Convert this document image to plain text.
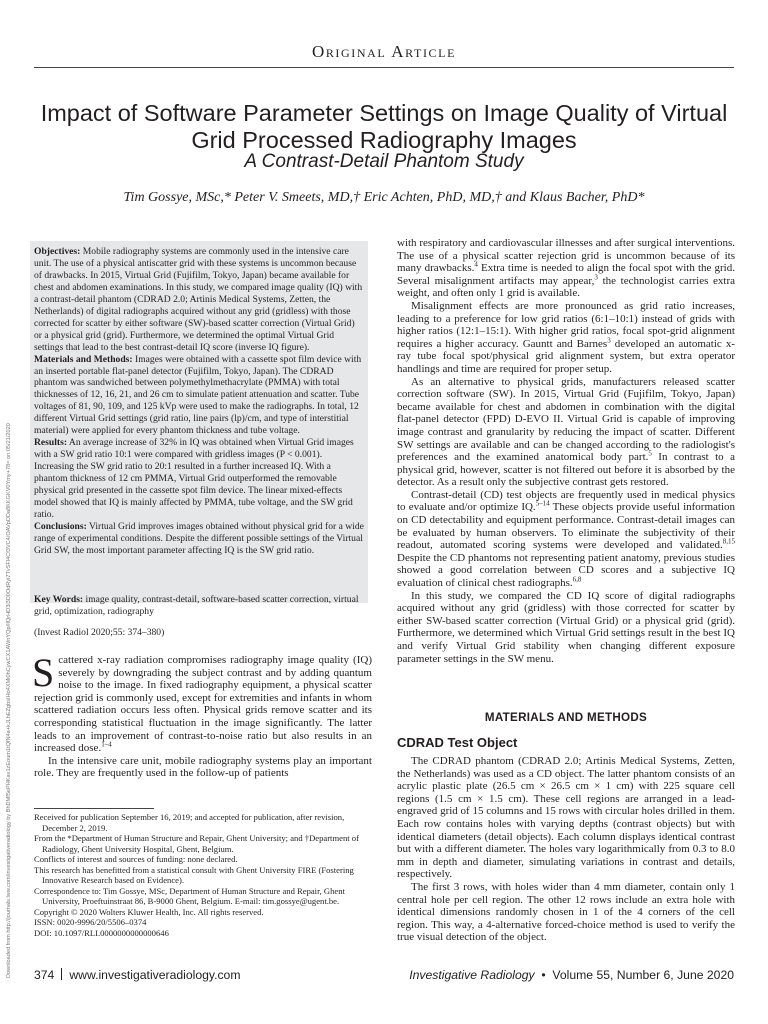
Original Article
Impact of Software Parameter Settings on Image Quality of Virtual Grid Processed Radiography Images
A Contrast-Detail Phantom Study
Tim Gossye, MSc,* Peter V. Smeets, MD,† Eric Achten, PhD, MD,† and Klaus Bacher, PhD*
Downloaded from http://journals.lww.com/investigativeradiology by BhDMf5ePHKav1zEoum1tQfN4a+kJLhEZgbsIHo4XMi0hCywCX1AWnYQp/IlQrHD3i3D0OdRyi7TvSFl4Cf3VC4/OAVpDDa8KKGKV0Ymy+78= on 05/21/2020

Objectives: Mobile radiography systems are commonly used in the intensive care unit. The use of a physical antiscatter grid with these systems is uncommon because of drawbacks. In 2015, Virtual Grid (Fujifilm, Tokyo, Japan) became available for chest and abdomen examinations. In this study, we compared image quality (IQ) with a contrast-detail phantom (CDRAD 2.0; Artinis Medical Systems, Zetten, the Netherlands) of digital radiographs acquired without any grid (gridless) with those corrected for scatter by either software (SW)-based scatter correction (Virtual Grid) or a physical grid (grid). Furthermore, we determined the optimal Virtual Grid settings that lead to the best contrast-detail IQ score (inverse IQ figure).

Materials and Methods: Images were obtained with a cassette spot film device with an inserted portable flat-panel detector (Fujifilm, Tokyo, Japan). The CDRAD phantom was sandwiched between polymethylmethacrylate (PMMA) with total thicknesses of 12, 16, 21, and 26 cm to simulate patient attenuation and scatter. Tube voltages of 81, 90, 109, and 125 kVp were used to make the radiographs. In total, 12 different Virtual Grid settings (grid ratio, line pairs (lp)/cm, and type of interstitial material) were applied for every phantom thickness and tube voltage.

Results: An average increase of 32% in IQ was obtained when Virtual Grid images with a SW grid ratio 10:1 were compared with gridless images (P < 0.001). Increasing the SW grid ratio to 20:1 resulted in a further increased IQ. With a phantom thickness of 12 cm PMMA, Virtual Grid outperformed the removable physical grid presented in the cassette spot film device. The linear mixed-effects model showed that IQ is mainly affected by PMMA, tube voltage, and the SW grid ratio.

Conclusions: Virtual Grid improves images obtained without physical grid for a wide range of experimental conditions. Despite the different possible settings of the Virtual Grid SW, the most important parameter affecting IQ is the SW grid ratio.

Key Words: image quality, contrast-detail, software-based scatter correction, virtual grid, optimization, radiography
(Invest Radiol 2020;55: 374–380)

Scattered x-ray radiation compromises radiography image quality (IQ) severely by downgrading the subject contrast and by adding quantum noise to the image. In fixed radiography equipment, a physical scatter rejection grid is commonly used, except for extremities and infants in whom scattered radiation occurs less often. Physical grids remove scatter and its corresponding statistical fluctuation in the image significantly. The latter leads to an improvement of contrast-to-noise ratio but also results in an increased dose.$^{1-4}$

In the intensive care unit, mobile radiography systems play an important role. They are frequently used in the follow-up of patients

Received for publication September 16, 2019; and accepted for publication, after revision, December 2, 2019.

From the *Department of Human Structure and Repair, Ghent University; and †Department of Radiology, Ghent University Hospital, Ghent, Belgium.

Conflicts of interest and sources of funding: none declared.

This research has benefitted from a statistical consult with Ghent University FIRE (Fostering Innovative Research based on Evidence).

Correspondence to: Tim Gossye, MSc, Department of Human Structure and Repair, Ghent University, Proeftuinstraat 86, B-9000 Ghent, Belgium. E-mail: tim.gossye@ugent.be.

Copyright © 2020 Wolters Kluwer Health, Inc. All rights reserved.

ISSN: 0020-9996/20/5506–0374

DOI: 10.1097/RLI.0000000000000646

with respiratory and cardiovascular illnesses and after surgical interventions. The use of a physical scatter rejection grid is uncommon because of its many drawbacks.$^4$ Extra time is needed to align the focal spot with the grid. Several misalignment artifacts may appear,$^3$ the technologist carries extra weight, and often only 1 grid is available.

Misalignment effects are more pronounced as grid ratio increases, leading to a preference for low grid ratios (6:1–10:1) instead of grids with higher ratios (12:1–15:1). With higher grid ratios, focal spot-grid alignment requires a higher accuracy. Gauntt and Barnes$^3$ developed an automatic x-ray tube focal spot/physical grid alignment system, but extra operator handlings and time are required for proper setup.

As an alternative to physical grids, manufacturers released scatter correction software (SW). In 2015, Virtual Grid (Fujifilm, Tokyo, Japan) became available for chest and abdomen in combination with the digital flat-panel detector (FPD) D-EVO II. Virtual Grid is capable of improving image contrast and granularity by reducing the impact of scatter. Different SW settings are available and can be changed according to the radiologist's preferences and the examined anatomical body part.$^5$ In contrast to a physical grid, however, scatter is not filtered out before it is absorbed by the detector. As a result only the subjective contrast gets restored.

Contrast-detail (CD) test objects are frequently used in medical physics to evaluate and/or optimize IQ.$^{5-14}$ These objects provide useful information on CD detectability and equipment performance. Contrast-detail images can be evaluated by human observers. To eliminate the subjectivity of their readout, automated scoring systems were developed and validated.$^{8,15}$ Despite the CD phantoms not representing patient anatomy, previous studies showed a good correlation between CD scores and a subjective IQ evaluation of clinical chest radiographs.$^{6,8}$

In this study, we compared the CD IQ score of digital radiographs acquired without any grid (gridless) with those corrected for scatter by either SW-based scatter correction (Virtual Grid) or a physical grid (grid). Furthermore, we determined which Virtual Grid settings result in the best IQ and verify Virtual Grid stability when changing different exposure parameter settings in the SW menu.

MATERIALS AND METHODS
CDRAD Test Object

The CDRAD phantom (CDRAD 2.0; Artinis Medical Systems, Zetten, the Netherlands) was used as a CD object. The latter phantom consists of an acrylic plastic plate (26.5 cm × 26.5 cm × 1 cm) with 225 square cell regions (1.5 cm × 1.5 cm). These cell regions are arranged in a lead-engraved grid of 15 columns and 15 rows with circular holes drilled in them. Each row contains holes with varying depths (contrast objects) but with identical diameters (detail objects). Each column displays identical contrast but with a different diameter. The holes vary logarithmically from 0.3 to 8.0 mm in depth and diameter, simulating variations in contrast and details, respectively.

The first 3 rows, with holes wider than 4 mm diameter, contain only 1 central hole per cell region. The other 12 rows include an extra hole with identical dimensions randomly chosen in 1 of the 4 corners of the cell region. This way, a 4-alternative forced-choice method is used to verify the true visual detection of the object.

374 www.investigativeradiology.com	Investigative Radiology  •  Volume 55, Number 6, June 2020
